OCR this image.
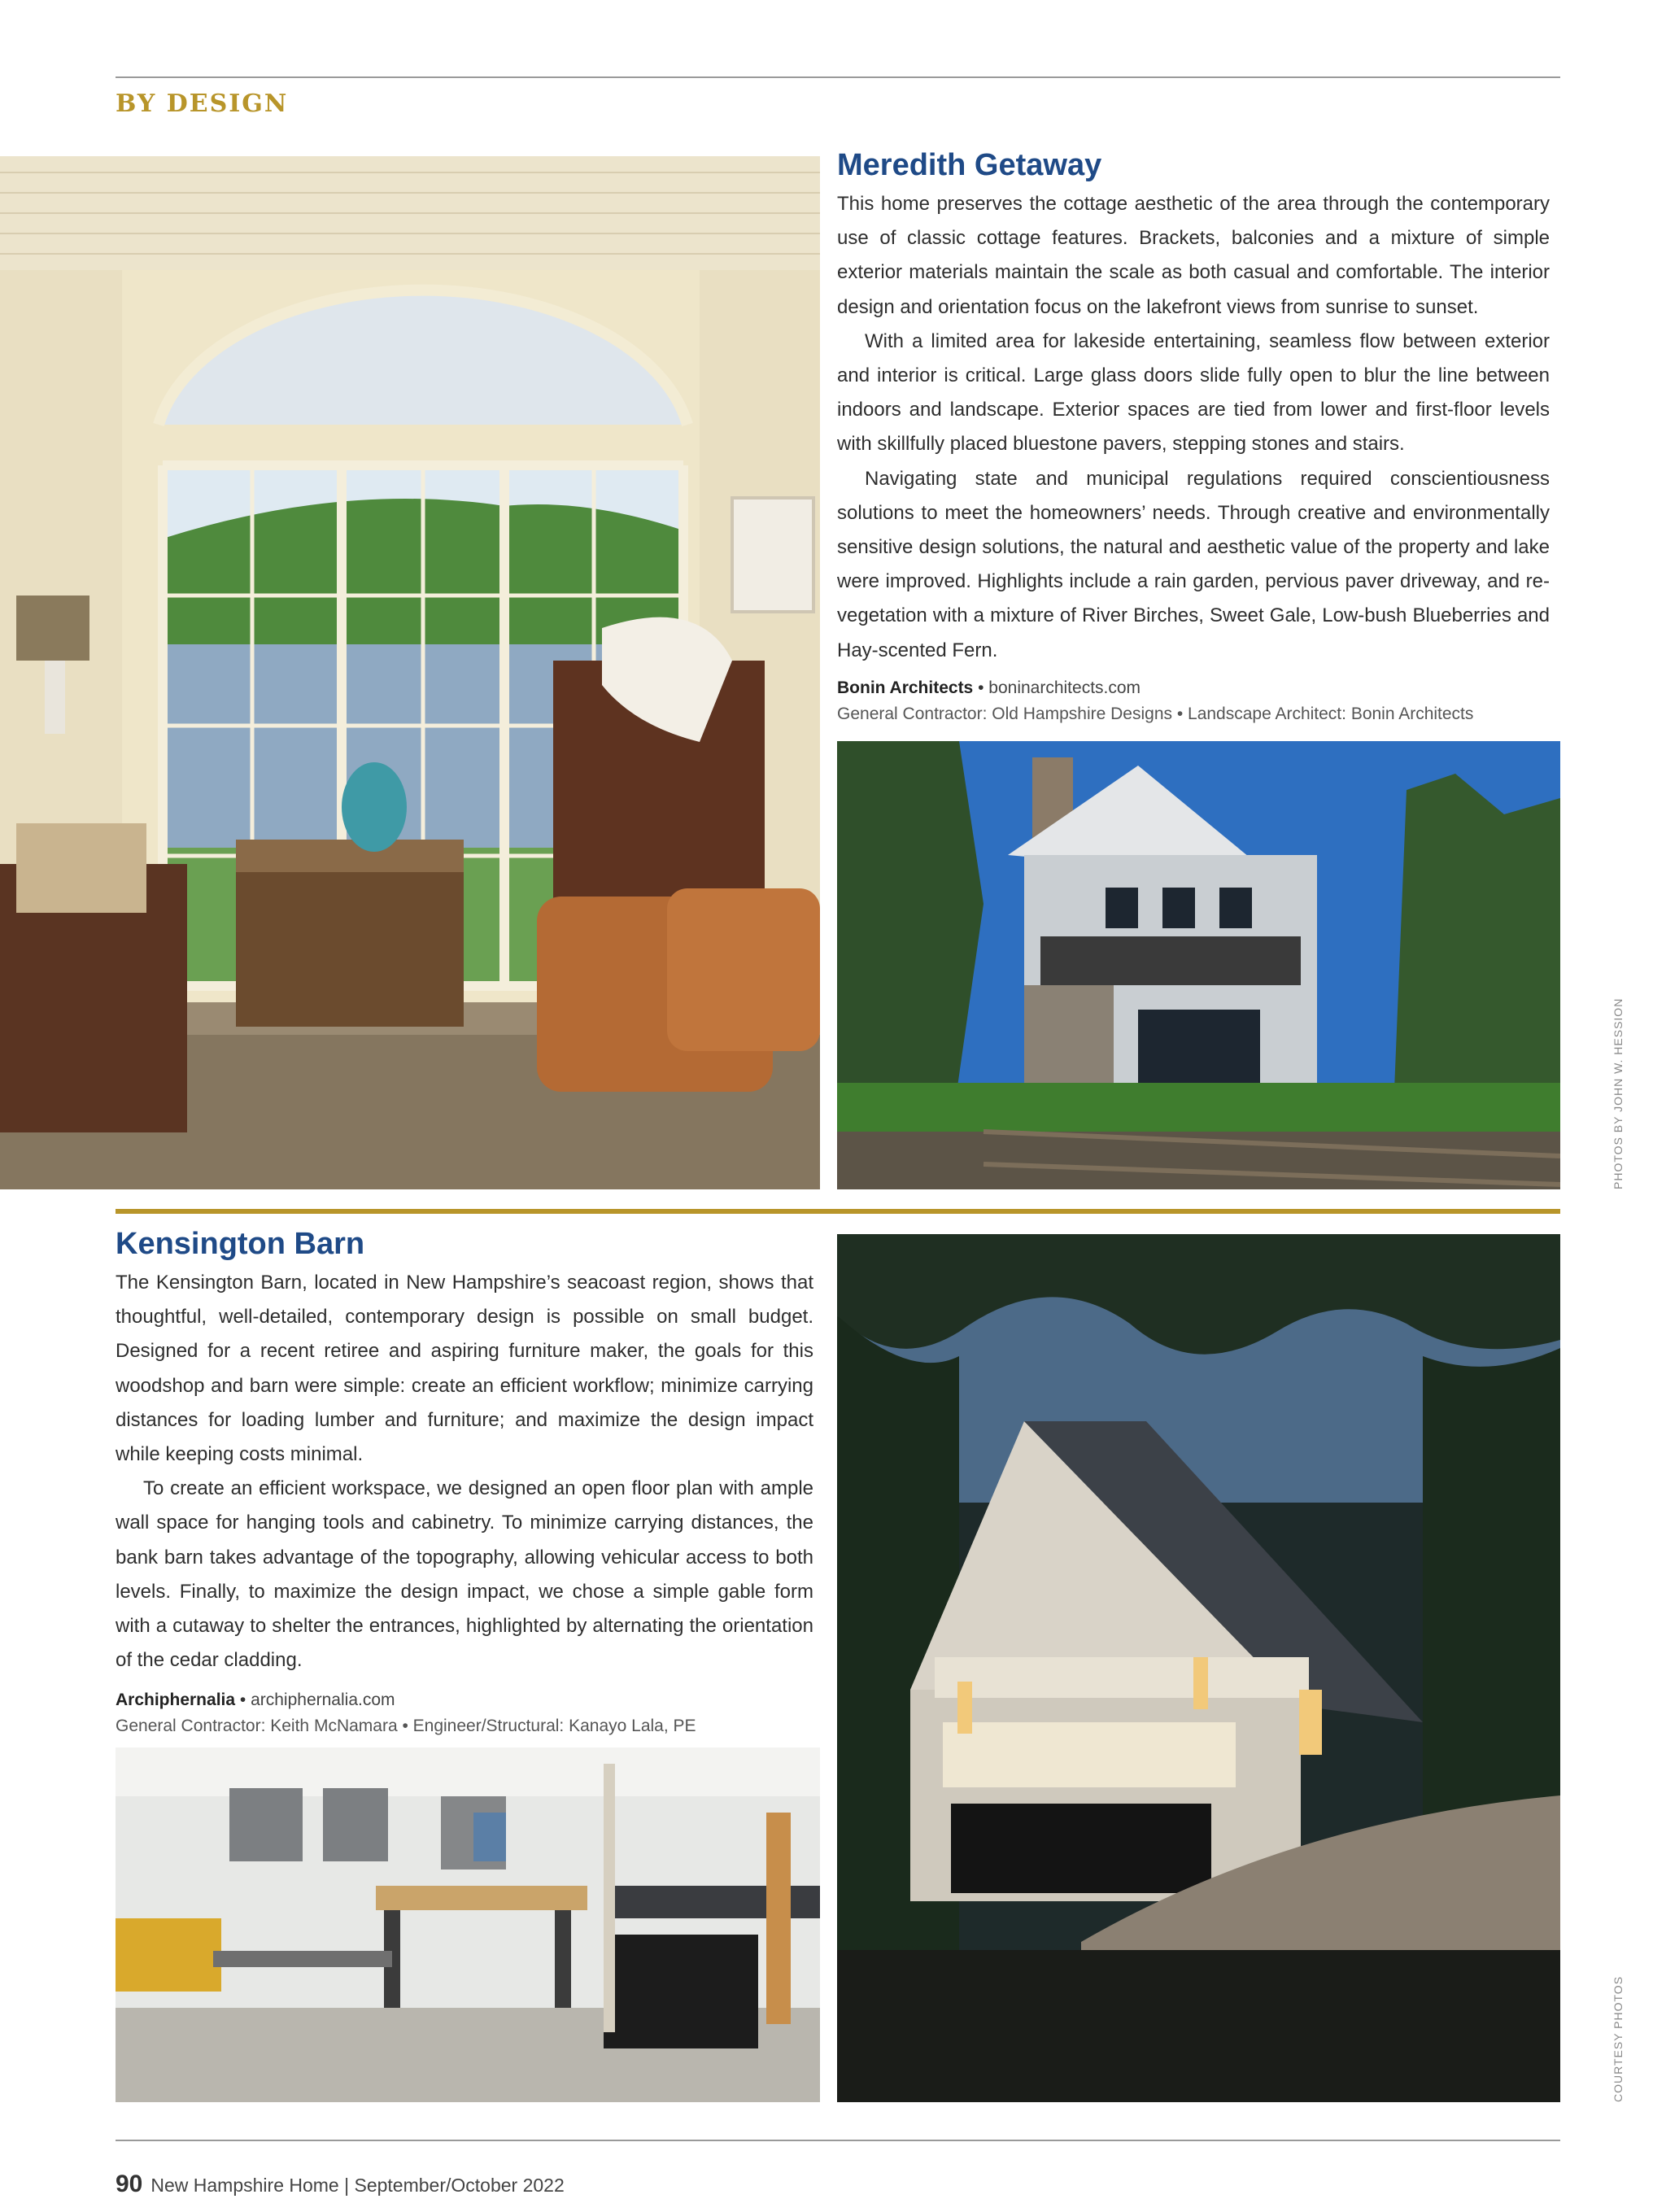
BY DESIGN
Meredith Getaway

This home preserves the cottage aesthetic of the area through the contemporary use of classic cottage features. Brackets, balconies and a mixture of simple exterior materials maintain the scale as both casual and comfortable. The interior design and orientation focus on the lakefront views from sunrise to sunset.

With a limited area for lakeside entertaining, seamless flow between exterior and interior is critical. Large glass doors slide fully open to blur the line between indoors and landscape. Exterior spaces are tied from lower and first-floor levels with skillfully placed bluestone pavers, stepping stones and stairs.

Navigating state and municipal regulations required conscientiousness solutions to meet the homeowners’ needs. Through creative and environmentally sensitive design solutions, the natural and aesthetic value of the property and lake were improved. Highlights include a rain garden, pervious paver driveway, and re-vegetation with a mixture of River Birches, Sweet Gale, Low-bush Blueberries and Hay-scented Fern.

Bonin Architects • boninarchitects.com
General Contractor: Old Hampshire Designs • Landscape Architect: Bonin Architects
PHOTOS BY JOHN W. HESSION
Kensington Barn

The Kensington Barn, located in New Hampshire’s seacoast region, shows that thoughtful, well-detailed, contemporary design is possible on small budget. Designed for a recent retiree and aspiring furniture maker, the goals for this woodshop and barn were simple: create an efficient workflow; minimize carrying distances for loading lumber and furniture; and maximize the design impact while keeping costs minimal.

To create an efficient workspace, we designed an open floor plan with ample wall space for hanging tools and cabinetry. To minimize carrying distances, the bank barn takes advantage of the topography, allowing vehicular access to both levels. Finally, to maximize the design impact, we chose a simple gable form with a cutaway to shelter the entrances, highlighted by alternating the orientation of the cedar cladding.

Archiphernalia • archiphernalia.com
General Contractor: Keith McNamara • Engineer/Structural: Kanayo Lala, PE
COURTESY PHOTOS
90 New Hampshire Home | September/October 2022
